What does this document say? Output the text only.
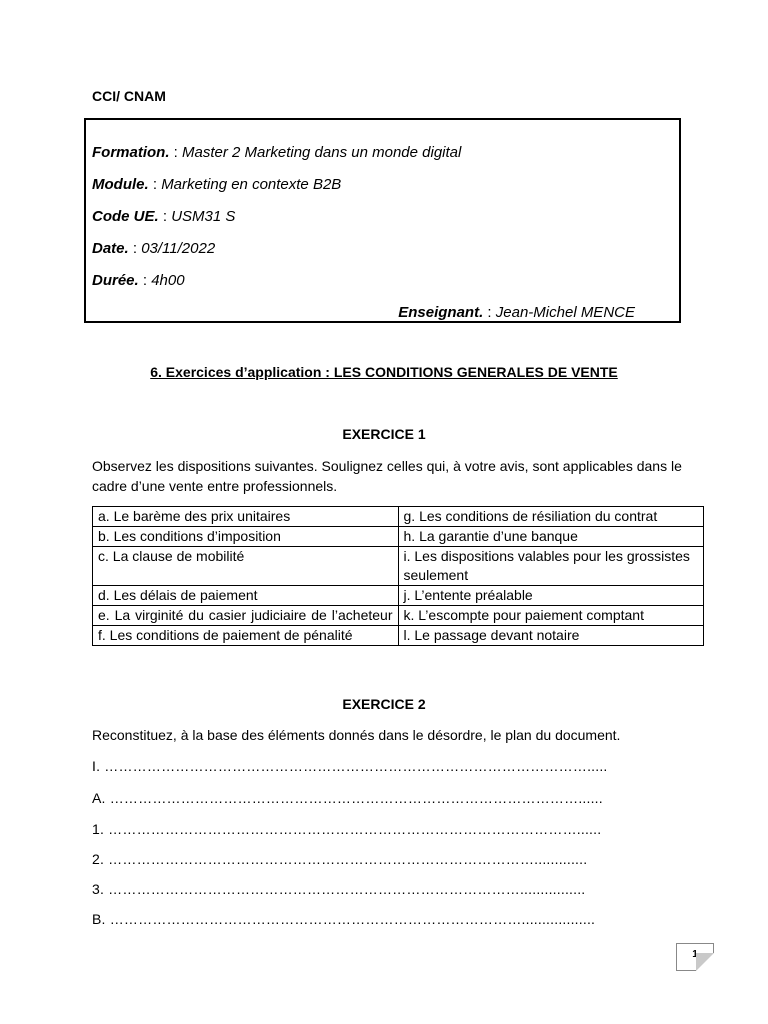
CCI/ CNAM
Formation. : Master 2 Marketing dans un monde digital
Module. : Marketing en contexte B2B
Code UE. : USM31 S
Date. : 03/11/2022
Durée. : 4h00
Enseignant. : Jean-Michel MENCE
6. Exercices d’application : LES CONDITIONS GENERALES DE VENTE
EXERCICE 1
Observez les dispositions suivantes. Soulignez celles qui, à votre avis, sont applicables dans le cadre d’une vente entre professionnels.
a. Le barème des prix unitaires	g. Les conditions de résiliation du contrat
b. Les conditions d’imposition	h. La garantie d’une banque
c. La clause de mobilité	i. Les dispositions valables pour les grossistes seulement
d. Les délais de paiement	j. L’entente préalable
e. La virginité du casier judiciaire de l’acheteur	k. L’escompte pour paiement comptant
f. Les conditions de paiement de pénalité	l. Le passage devant notaire
EXERCICE 2
Reconstituez, à la base des éléments donnés dans le désordre, le plan du document.
I. ………………………………………………………………………………………….....
A. ………………………………………………………………………………………......
1. ………………………………………………………………………………………......
2. ……………………………………………………………………………….............
3. ……………………………………………………………………………................
B. ……………………………………………………………………………..................
1
